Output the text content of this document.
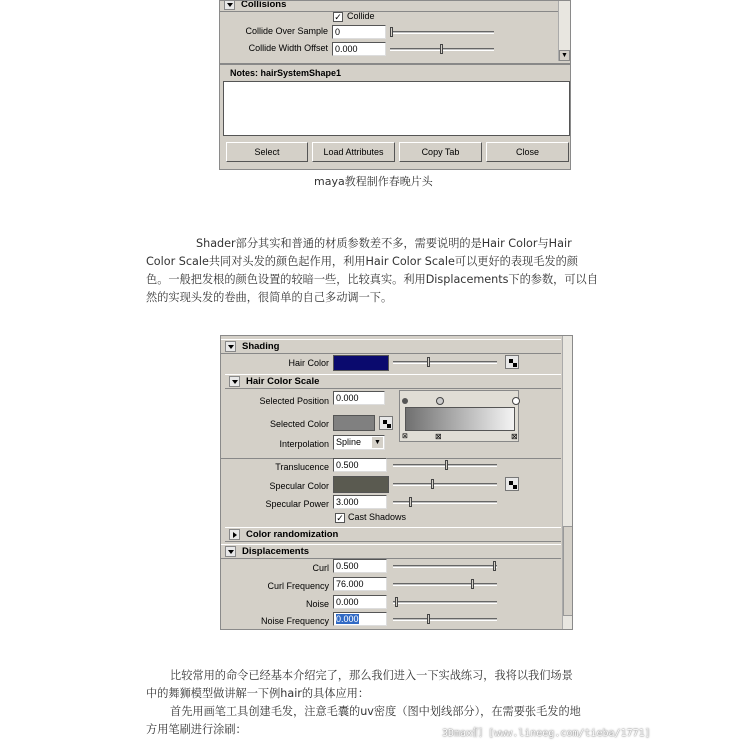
Collisions
✓ Collide
Collide Over Sample 0
Collide Width Offset 0.000
▼
Notes: hairSystemShape1
Select	Load Attributes	Copy Tab	Close
maya教程制作春晚片头
Shader部分其实和普通的材质参数差不多，需要说明的是Hair Color与Hair
Color Scale共同对头发的颜色起作用，利用Hair Color Scale可以更好的表现毛发的颜
色。一般把发根的颜色设置的较暗一些，比较真实。利用Displacements下的参数，可以自
然的实现头发的卷曲，很简单的自己多动调一下。
Shading
Hair Color
Hair Color Scale
Selected Position 0.000
Selected Color
Interpolation Spline ▼
⊠	⊠	⊠
Translucence 0.500
Specular Color
Specular Power 3.000
✓ Cast Shadows
Color randomization
Displacements
Curl 0.500
Curl Frequency 76.000
Noise 0.000
Noise Frequency 0.000
比较常用的命令已经基本介绍完了，那么我们进入一下实战练习，我将以我们场景
中的舞狮模型做讲解一下例hair的具体应用：
首先用画笔工具创建毛发，注意毛囊的uv密度（图中划线部分），在需要张毛发的地
方用笔刷进行涂刷：	3Dmax们 [www.lineeg.com/tieba/1771]
